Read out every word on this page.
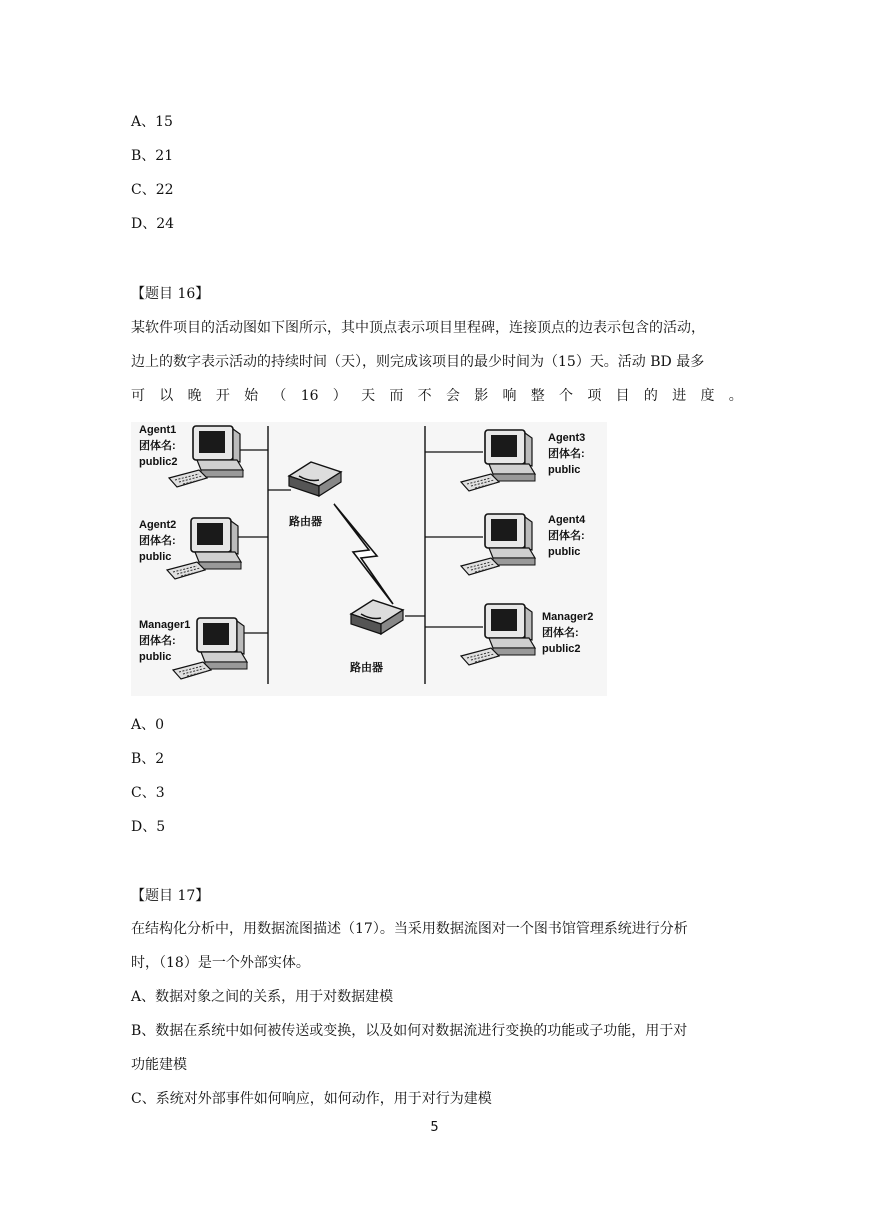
A、15
B、21
C、22
D、24
【题目 16】

某软件项目的活动图如下图所示，其中顶点表示项目里程碑，连接顶点的边表示包含的活动，

边上的数字表示活动的持续时间（天），则完成该项目的最少时间为（15）天。活动 BD 最多

可 以 晚 开 始 （ 16 ） 天 而 不 会 影 响 整 个 项 目 的 进 度 。

路由器
路由器
Agent1
团体名:
public2
Agent2
团体名:
public
Manager1
团体名:
public
Agent3
团体名:
public
Agent4
团体名:
public
Manager2
团体名:
public2
A、0
B、2
C、3
D、5
【题目 17】

在结构化分析中，用数据流图描述（17）。当采用数据流图对一个图书馆管理系统进行分析

时，（18）是一个外部实体。

A、数据对象之间的关系，用于对数据建模

B、数据在系统中如何被传送或变换，以及如何对数据流进行变换的功能或子功能，用于对

功能建模

C、系统对外部事件如何响应，如何动作，用于对行为建模

5
